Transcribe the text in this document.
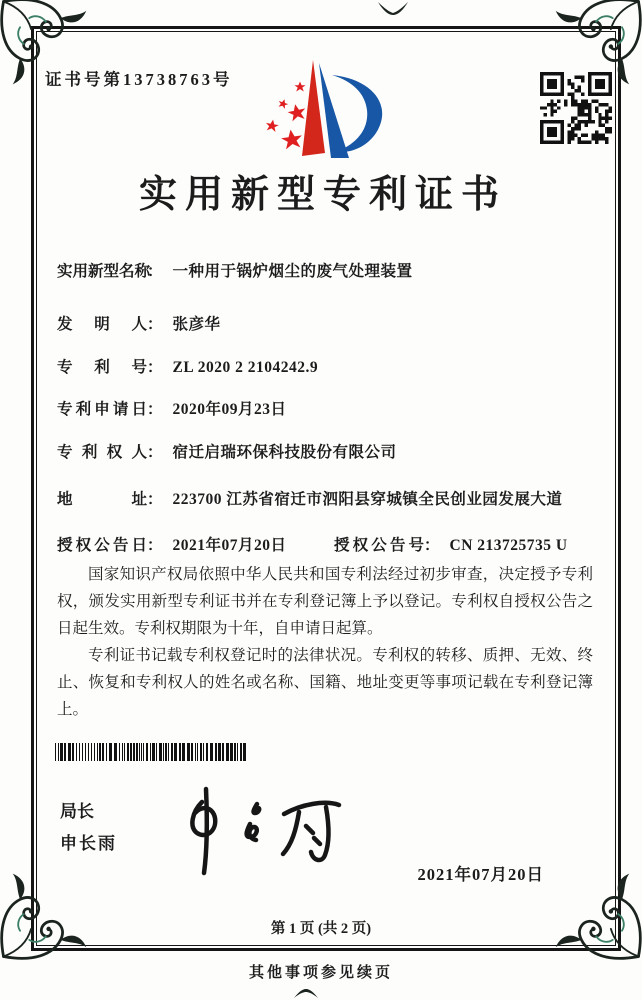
证书号第13738763号
实用新型专利证书
实用新型名称： 一种用于锅炉烟尘的废气处理装置
发明人： 张彦华
专利号： ZL 2020 2 2104242.9
专利申请日： 2020年09月23日
专利权人： 宿迁启瑞环保科技股份有限公司
地址： 223700 江苏省宿迁市泗阳县穿城镇全民创业园发展大道
授权公告日： 2021年07月20日	授权公告号： CN 213725735 U

国家知识产权局依照中华人民共和国专利法经过初步审查，决定授予专利权，颁发实用新型专利证书并在专利登记簿上予以登记。专利权自授权公告之日起生效。专利权期限为十年，自申请日起算。

专利证书记载专利权登记时的法律状况。专利权的转移、质押、无效、终止、恢复和专利权人的姓名或名称、国籍、地址变更等事项记载在专利登记簿上。

局长
申长雨
2021年07月20日
第 1 页 (共 2 页)
其他事项参见续页
